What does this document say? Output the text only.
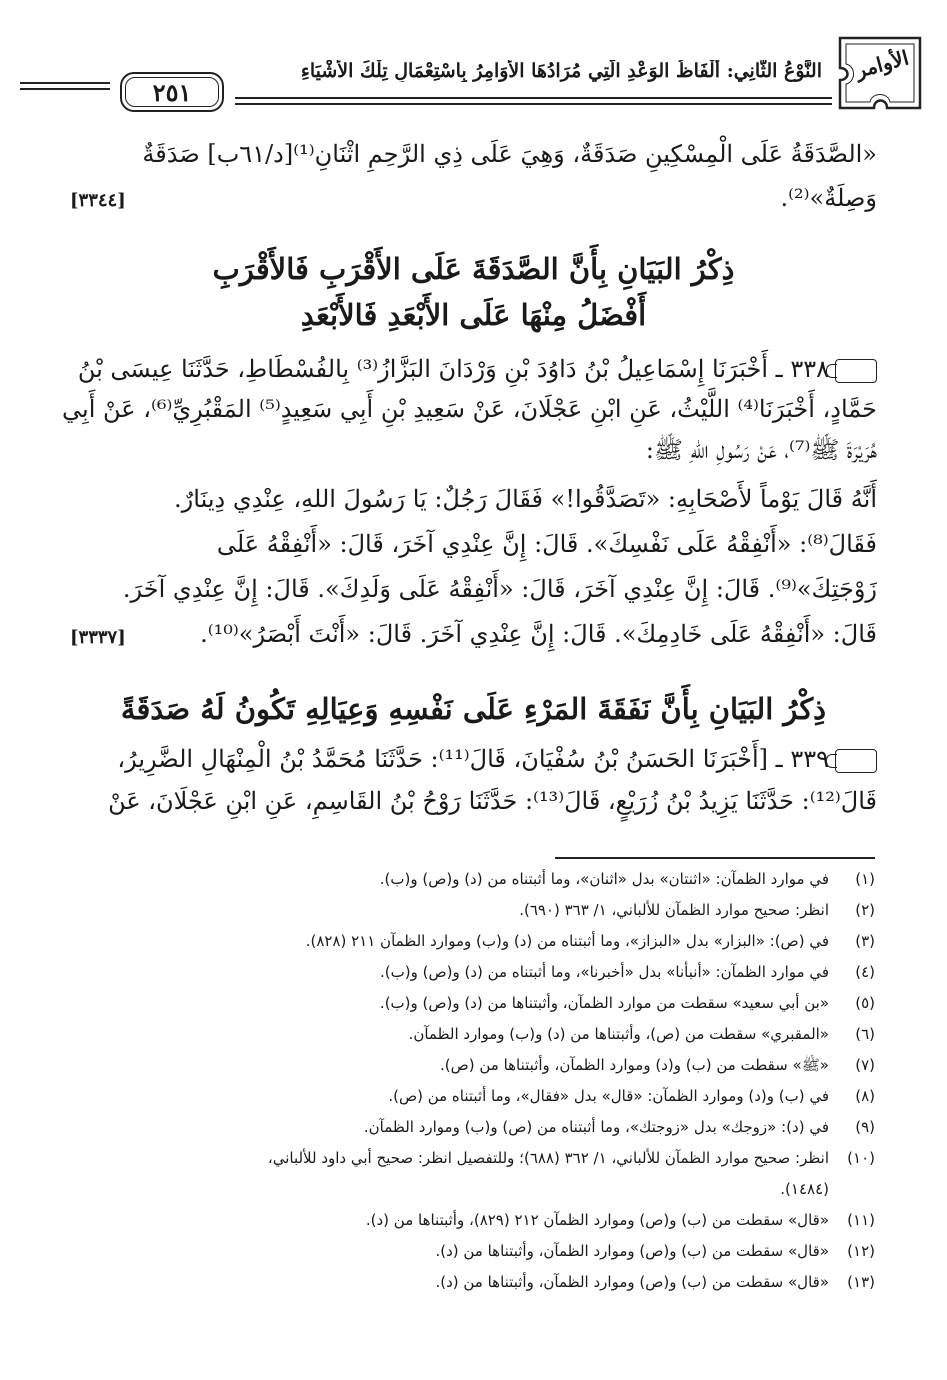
٢٥١
النَّوْعُ الثَّانِي: أَلْفَاظُ الوَعْدِ الَّتِي مُرَادُهَا الأَوَامِرُ بِاسْتِعْمَالِ تِلْكَ الأَشْيَاءِ الأوامر
«الصَّدَقَةُ عَلَى الْمِسْكِينِ صَدَقَةٌ، وَهِيَ عَلَى ذِي الرَّحِمِ اثْنَانِ⁽¹⁾[د/٦١ب] صَدَقَةٌ
وَصِلَةٌ»⁽²⁾.
[٣٣٤٤]
ذِكْرُ البَيَانِ بِأَنَّ الصَّدَقَةَ عَلَى الأَقْرَبِ فَالأَقْرَبِ
أَفْضَلُ مِنْهَا عَلَى الأَبْعَدِ فَالأَبْعَدِ
٣٣٨ ـ أَخْبَرَنَا إِسْمَاعِيلُ بْنُ دَاوُدَ بْنِ وَرْدَانَ البَزَّازُ⁽³⁾ بِالفُسْطَاطِ، حَدَّثَنَا عِيسَى بْنُ
حَمَّادٍ، أَخْبَرَنَا⁽⁴⁾ اللَّيْثُ، عَنِ ابْنِ عَجْلَانَ، عَنْ سَعِيدِ بْنِ أَبِي سَعِيدٍ⁽⁵⁾ المَقْبُرِيِّ⁽⁶⁾، عَنْ أَبِي
هُرَيْرَةَ ﷺ⁽⁷⁾، عَنْ رَسُولِ اللهِ ﷺ:
أَنَّهُ قَالَ يَوْماً لأَصْحَابِهِ: «تَصَدَّقُوا!» فَقَالَ رَجُلٌ: يَا رَسُولَ اللهِ، عِنْدِي دِينَارٌ.
فَقَالَ⁽⁸⁾: «أَنْفِقْهُ عَلَى نَفْسِكَ». قَالَ: إِنَّ عِنْدِي آخَرَ، قَالَ: «أَنْفِقْهُ عَلَى
زَوْجَتِكَ»⁽⁹⁾. قَالَ: إِنَّ عِنْدِي آخَرَ، قَالَ: «أَنْفِقْهُ عَلَى وَلَدِكَ». قَالَ: إِنَّ عِنْدِي آخَرَ.
قَالَ: «أَنْفِقْهُ عَلَى خَادِمِكَ». قَالَ: إِنَّ عِنْدِي آخَرَ. قَالَ: «أَنْتَ أَبْصَرُ»⁽¹⁰⁾.
[٣٣٣٧]
ذِكْرُ البَيَانِ بِأَنَّ نَفَقَةَ المَرْءِ عَلَى نَفْسِهِ وَعِيَالِهِ تَكُونُ لَهُ صَدَقَةً
٣٣٩ ـ [أَخْبَرَنَا الحَسَنُ بْنُ سُفْيَانَ، قَالَ⁽¹¹⁾: حَدَّثَنَا مُحَمَّدُ بْنُ الْمِنْهَالِ الضَّرِيرُ،
قَالَ⁽¹²⁾: حَدَّثَنَا يَزِيدُ بْنُ زُرَيْعٍ، قَالَ⁽¹³⁾: حَدَّثَنَا رَوْحُ بْنُ القَاسِمِ، عَنِ ابْنِ عَجْلَانَ، عَنْ
(١)في موارد الظمآن: «اثنتان» بدل «اثنان»، وما أثبتناه من (د) و(ص) و(ب).
(٢)انظر: صحيح موارد الظمآن للألباني، ١/ ٣٦٣ (٦٩٠).
(٣)في (ص): «البزار» بدل «البزاز»، وما أثبتناه من (د) و(ب) وموارد الظمآن ٢١١ (٨٢٨).
(٤)في موارد الظمآن: «أنبأنا» بدل «أخبرنا»، وما أثبتناه من (د) و(ص) و(ب).
(٥)«بن أبي سعيد» سقطت من موارد الظمآن، وأثبتناها من (د) و(ص) و(ب).
(٦)«المقبري» سقطت من (ص)، وأثبتناها من (د) و(ب) وموارد الظمآن.
(٧)«ﷺ» سقطت من (ب) و(د) وموارد الظمآن، وأثبتناها من (ص).
(٨)في (ب) و(د) وموارد الظمآن: «قال» بدل «فقال»، وما أثبتناه من (ص).
(٩)في (د): «زوجك» بدل «زوجتك»، وما أثبتناه من (ص) و(ب) وموارد الظمآن.
(١٠)انظر: صحيح موارد الظمآن للألباني، ١/ ٣٦٢ (٦٨٨)؛ وللتفصيل انظر: صحيح أبي داود للألباني،
(١٤٨٤).
(١١)«قال» سقطت من (ب) و(ص) وموارد الظمآن ٢١٢ (٨٢٩)، وأثبتناها من (د).
(١٢)«قال» سقطت من (ب) و(ص) وموارد الظمآن، وأثبتناها من (د).
(١٣)«قال» سقطت من (ب) و(ص) وموارد الظمآن، وأثبتناها من (د).
